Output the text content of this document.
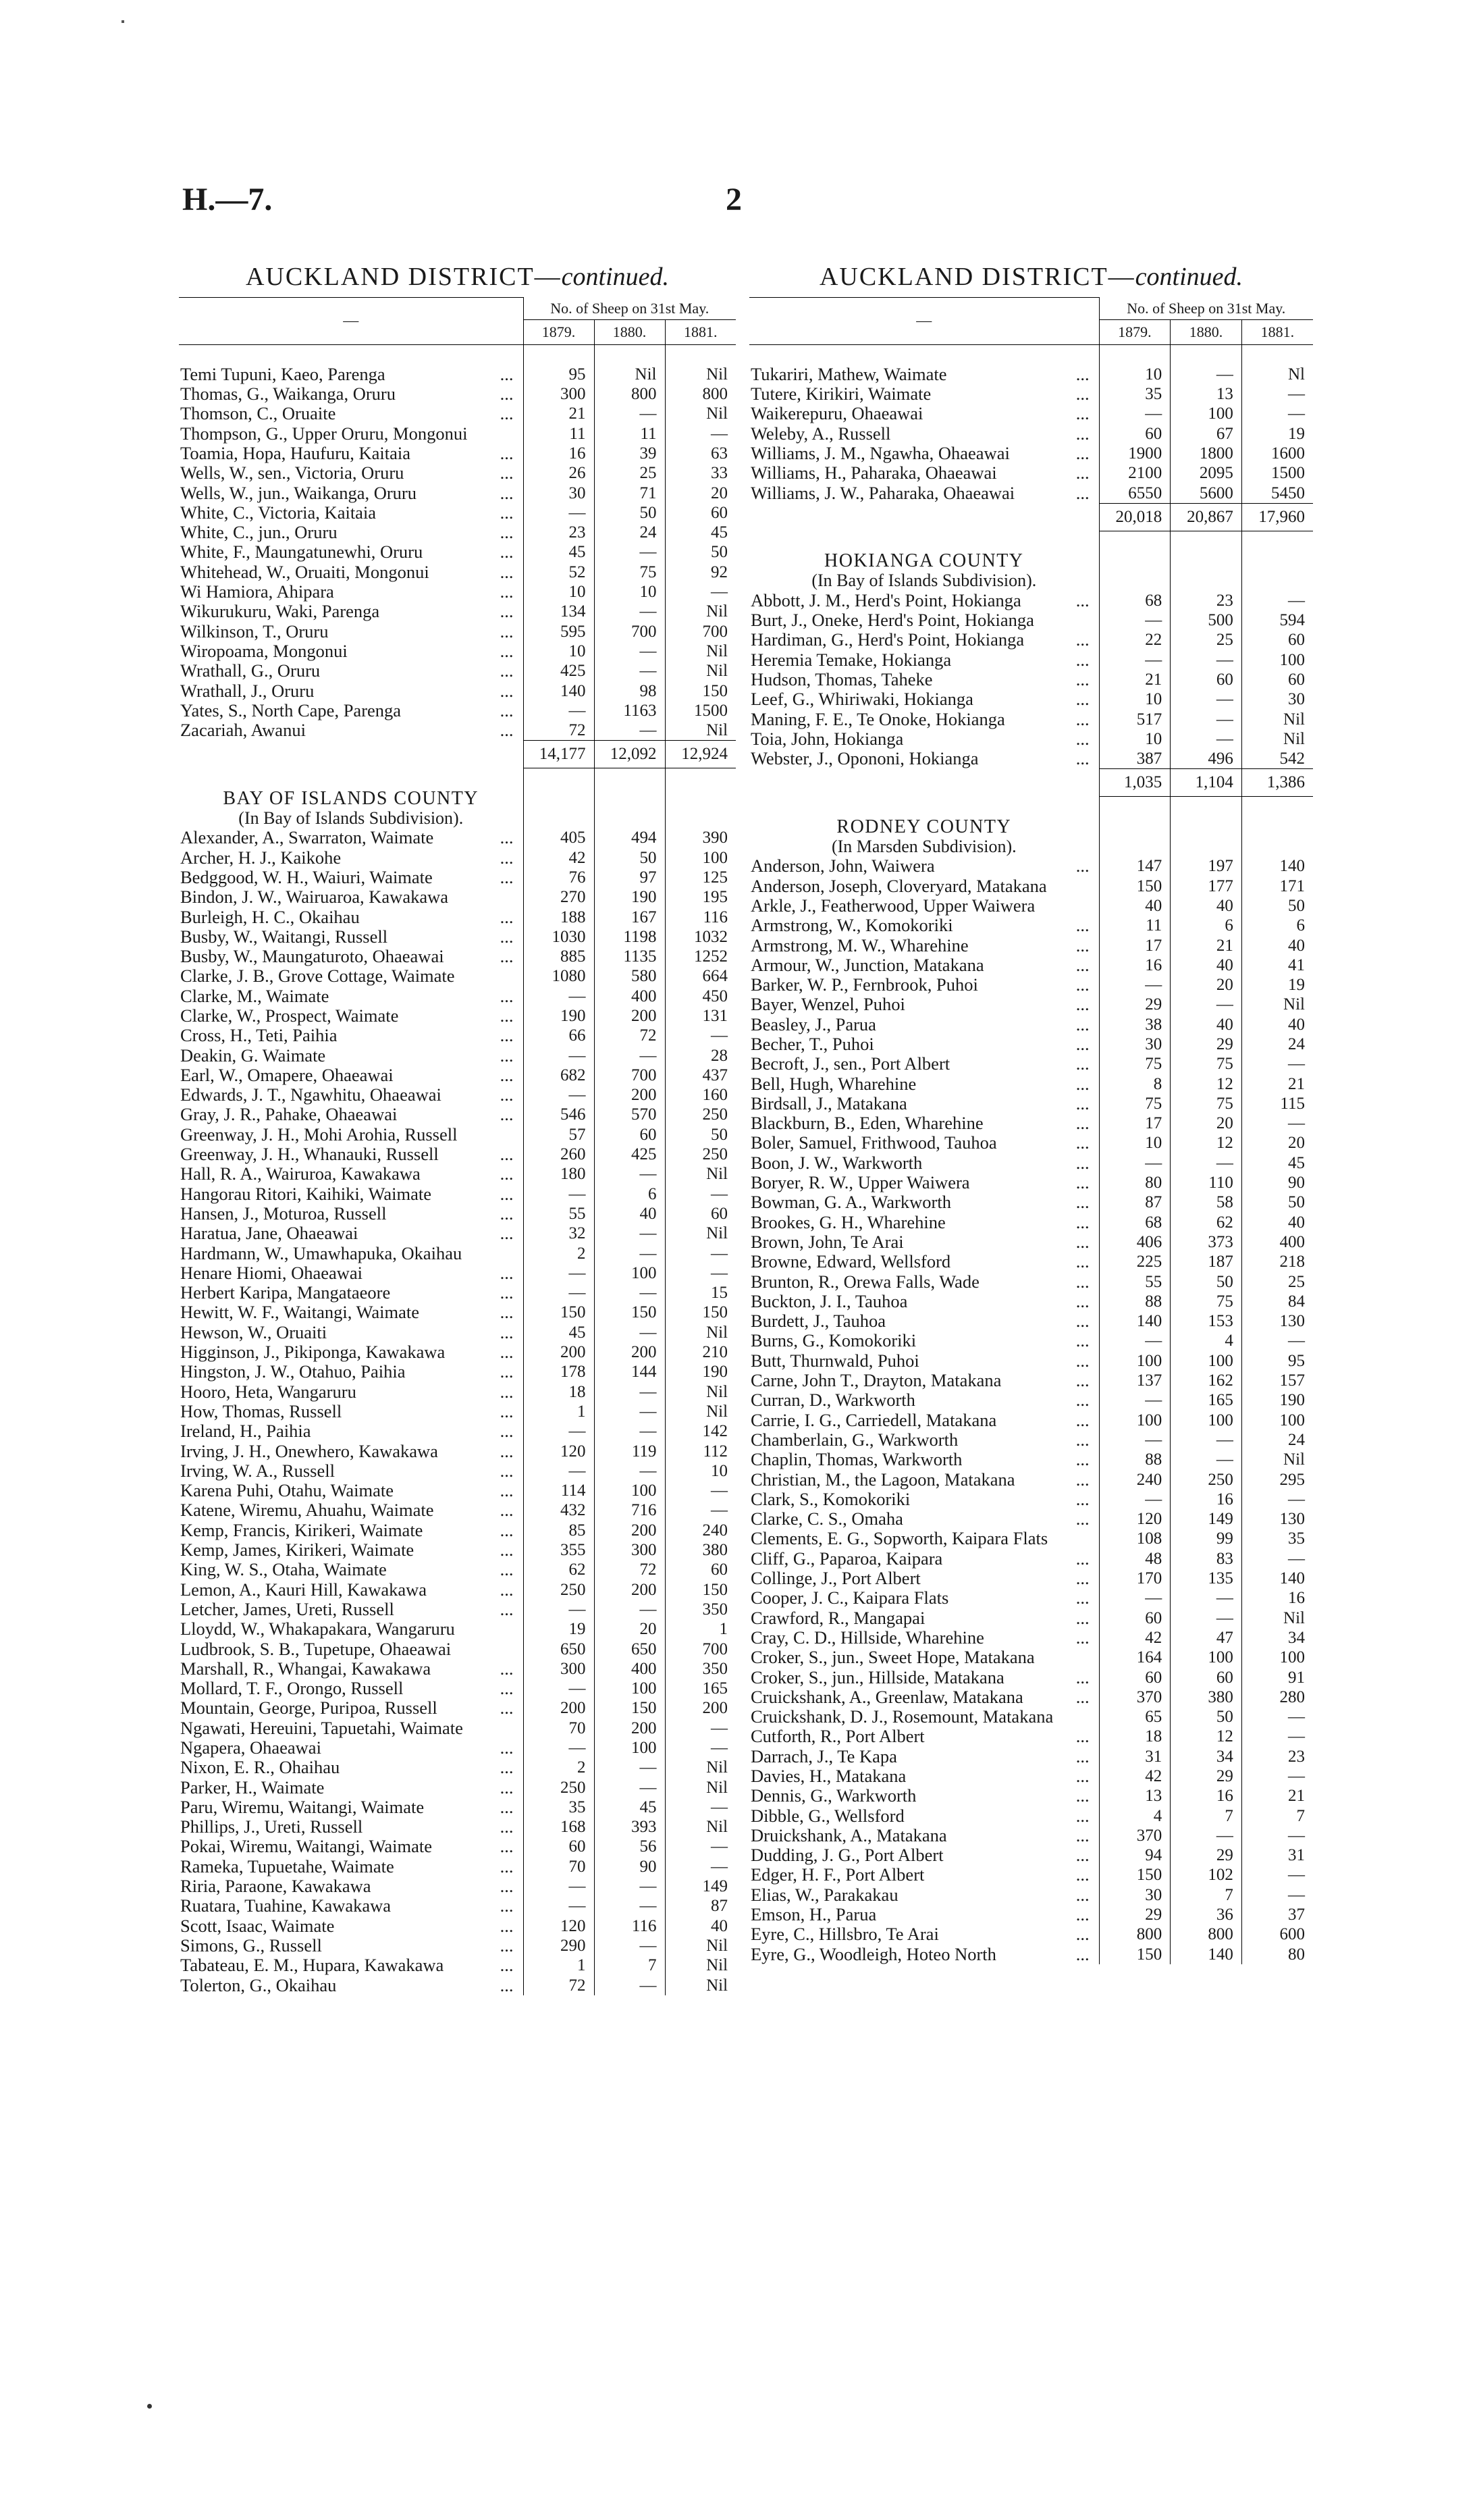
H.—7.	2
AUCKLAND DISTRICT—continued.
—	No. of Sheep on 31st May.		
	1879.	1880.	1881.

Temi Tupuni, Kaeo, Parenga ...	95	Nil	Nil
Thomas, G., Waikanga, Oruru ...	300	800	800
Thomson, C., Oruaite ...	21	—	Nil
Thompson, G., Upper Oruru, Mongonui	11	11	—
Toamia, Hopa, Haufuru, Kaitaia ...	16	39	63
Wells, W., sen., Victoria, Oruru ...	26	25	33
Wells, W., jun., Waikanga, Oruru ...	30	71	20
White, C., Victoria, Kaitaia ...	—	50	60
White, C., jun., Oruru ...	23	24	45
White, F., Maungatunewhi, Oruru ...	45	—	50
Whitehead, W., Oruaiti, Mongonui ...	52	75	92
Wi Hamiora, Ahipara ...	10	10	—
Wikurukuru, Waki, Parenga ...	134	—	Nil
Wilkinson, T., Oruru ...	595	700	700
Wiropoama, Mongonui ...	10	—	Nil
Wrathall, G., Oruru ...	425	—	Nil
Wrathall, J., Oruru ...	140	98	150
Yates, S., North Cape, Parenga ...	—	1163	1500
Zacariah, Awanui ...	72	—	Nil
	14,177	12,092	12,924

BAY OF ISLANDS COUNTY			
(In Bay of Islands Subdivision).			
Alexander, A., Swarraton, Waimate ...	405	494	390
Archer, H. J., Kaikohe ...	42	50	100
Bedggood, W. H., Waiuri, Waimate ...	76	97	125
Bindon, J. W., Wairuaroa, Kawakawa	270	190	195
Burleigh, H. C., Okaihau ...	188	167	116
Busby, W., Waitangi, Russell ...	1030	1198	1032
Busby, W., Maungaturoto, Ohaeawai ...	885	1135	1252
Clarke, J. B., Grove Cottage, Waimate	1080	580	664
Clarke, M., Waimate ...	—	400	450
Clarke, W., Prospect, Waimate ...	190	200	131
Cross, H., Teti, Paihia ...	66	72	—
Deakin, G. Waimate ...	—	—	28
Earl, W., Omapere, Ohaeawai ...	682	700	437
Edwards, J. T., Ngawhitu, Ohaeawai ...	—	200	160
Gray, J. R., Pahake, Ohaeawai ...	546	570	250
Greenway, J. H., Mohi Arohia, Russell	57	60	50
Greenway, J. H., Whanauki, Russell ...	260	425	250
Hall, R. A., Wairuroa, Kawakawa ...	180	—	Nil
Hangorau Ritori, Kaihiki, Waimate ...	—	6	—
Hansen, J., Moturoa, Russell ...	55	40	60
Haratua, Jane, Ohaeawai ...	32	—	Nil
Hardmann, W., Umawhapuka, Okaihau	2	—	—
Henare Hiomi, Ohaeawai ...	—	100	—
Herbert Karipa, Mangataeore ...	—	—	15
Hewitt, W. F., Waitangi, Waimate ...	150	150	150
Hewson, W., Oruaiti ...	45	—	Nil
Higginson, J., Pikiponga, Kawakawa ...	200	200	210
Hingston, J. W., Otahuo, Paihia ...	178	144	190
Hooro, Heta, Wangaruru ...	18	—	Nil
How, Thomas, Russell ...	1	—	Nil
Ireland, H., Paihia ...	—	—	142
Irving, J. H., Onewhero, Kawakawa ...	120	119	112
Irving, W. A., Russell ...	—	—	10
Karena Puhi, Otahu, Waimate ...	114	100	—
Katene, Wiremu, Ahuahu, Waimate ...	432	716	—
Kemp, Francis, Kirikeri, Waimate ...	85	200	240
Kemp, James, Kirikeri, Waimate ...	355	300	380
King, W. S., Otaha, Waimate ...	62	72	60
Lemon, A., Kauri Hill, Kawakawa ...	250	200	150
Letcher, James, Ureti, Russell ...	—	—	350
Lloydd, W., Whakapakara, Wangaruru	19	20	1
Ludbrook, S. B., Tupetupe, Ohaeawai	650	650	700
Marshall, R., Whangai, Kawakawa ...	300	400	350
Mollard, T. F., Orongo, Russell ...	—	100	165
Mountain, George, Puripoa, Russell ...	200	150	200
Ngawati, Hereuini, Tapuetahi, Waimate	70	200	—
Ngapera, Ohaeawai ...	—	100	—
Nixon, E. R., Ohaihau ...	2	—	Nil
Parker, H., Waimate ...	250	—	Nil
Paru, Wiremu, Waitangi, Waimate ...	35	45	—
Phillips, J., Ureti, Russell ...	168	393	Nil
Pokai, Wiremu, Waitangi, Waimate ...	60	56	—
Rameka, Tupuetahe, Waimate ...	70	90	—
Riria, Paraone, Kawakawa ...	—	—	149
Ruatara, Tuahine, Kawakawa ...	—	—	87
Scott, Isaac, Waimate ...	120	116	40
Simons, G., Russell ...	290	—	Nil
Tabateau, E. M., Hupara, Kawakawa ...	1	7	Nil
Tolerton, G., Okaihau ...	72	—	Nil
AUCKLAND DISTRICT—continued.
—	No. of Sheep on 31st May.		
	1879.	1880.	1881.

Tukariri, Mathew, Waimate ...	10	—	Nl
Tutere, Kirikiri, Waimate ...	35	13	—
Waikerepuru, Ohaeawai ...	—	100	—
Weleby, A., Russell ...	60	67	19
Williams, J. M., Ngawha, Ohaeawai ...	1900	1800	1600
Williams, H., Paharaka, Ohaeawai ...	2100	2095	1500
Williams, J. W., Paharaka, Ohaeawai ...	6550	5600	5450
	20,018	20,867	17,960

HOKIANGA COUNTY			
(In Bay of Islands Subdivision).			
Abbott, J. M., Herd's Point, Hokianga ...	68	23	—
Burt, J., Oneke, Herd's Point, Hokianga	—	500	594
Hardiman, G., Herd's Point, Hokianga ...	22	25	60
Heremia Temake, Hokianga ...	—	—	100
Hudson, Thomas, Taheke ...	21	60	60
Leef, G., Whiriwaki, Hokianga ...	10	—	30
Maning, F. E., Te Onoke, Hokianga ...	517	—	Nil
Toia, John, Hokianga ...	10	—	Nil
Webster, J., Opononi, Hokianga ...	387	496	542
	1,035	1,104	1,386

RODNEY COUNTY			
(In Marsden Subdivision).			
Anderson, John, Waiwera ...	147	197	140
Anderson, Joseph, Cloveryard, Matakana	150	177	171
Arkle, J., Featherwood, Upper Waiwera	40	40	50
Armstrong, W., Komokoriki ...	11	6	6
Armstrong, M. W., Wharehine ...	17	21	40
Armour, W., Junction, Matakana ...	16	40	41
Barker, W. P., Fernbrook, Puhoi ...	—	20	19
Bayer, Wenzel, Puhoi ...	29	—	Nil
Beasley, J., Parua ...	38	40	40
Becher, T., Puhoi ...	30	29	24
Becroft, J., sen., Port Albert ...	75	75	—
Bell, Hugh, Wharehine ...	8	12	21
Birdsall, J., Matakana ...	75	75	115
Blackburn, B., Eden, Wharehine ...	17	20	—
Boler, Samuel, Frithwood, Tauhoa ...	10	12	20
Boon, J. W., Warkworth ...	—	—	45
Boryer, R. W., Upper Waiwera ...	80	110	90
Bowman, G. A., Warkworth ...	87	58	50
Brookes, G. H., Wharehine ...	68	62	40
Brown, John, Te Arai ...	406	373	400
Browne, Edward, Wellsford ...	225	187	218
Brunton, R., Orewa Falls, Wade ...	55	50	25
Buckton, J. I., Tauhoa ...	88	75	84
Burdett, J., Tauhoa ...	140	153	130
Burns, G., Komokoriki ...	—	4	—
Butt, Thurnwald, Puhoi ...	100	100	95
Carne, John T., Drayton, Matakana ...	137	162	157
Curran, D., Warkworth ...	—	165	190
Carrie, I. G., Carriedell, Matakana ...	100	100	100
Chamberlain, G., Warkworth ...	—	—	24
Chaplin, Thomas, Warkworth ...	88	—	Nil
Christian, M., the Lagoon, Matakana ...	240	250	295
Clark, S., Komokoriki ...	—	16	—
Clarke, C. S., Omaha ...	120	149	130
Clements, E. G., Sopworth, Kaipara Flats	108	99	35
Cliff, G., Paparoa, Kaipara ...	48	83	—
Collinge, J., Port Albert ...	170	135	140
Cooper, J. C., Kaipara Flats ...	—	—	16
Crawford, R., Mangapai ...	60	—	Nil
Cray, C. D., Hillside, Wharehine ...	42	47	34
Croker, S., jun., Sweet Hope, Matakana	164	100	100
Croker, S., jun., Hillside, Matakana ...	60	60	91
Cruickshank, A., Greenlaw, Matakana ...	370	380	280
Cruickshank, D. J., Rosemount, Matakana	65	50	—
Cutforth, R., Port Albert ...	18	12	—
Darrach, J., Te Kapa ...	31	34	23
Davies, H., Matakana ...	42	29	—
Dennis, G., Warkworth ...	13	16	21
Dibble, G., Wellsford ...	4	7	7
Druickshank, A., Matakana ...	370	—	—
Dudding, J. G., Port Albert ...	94	29	31
Edger, H. F., Port Albert ...	150	102	—
Elias, W., Parakakau ...	30	7	—
Emson, H., Parua ...	29	36	37
Eyre, C., Hillsbro, Te Arai ...	800	800	600
Eyre, G., Woodleigh, Hoteo North ...	150	140	80
